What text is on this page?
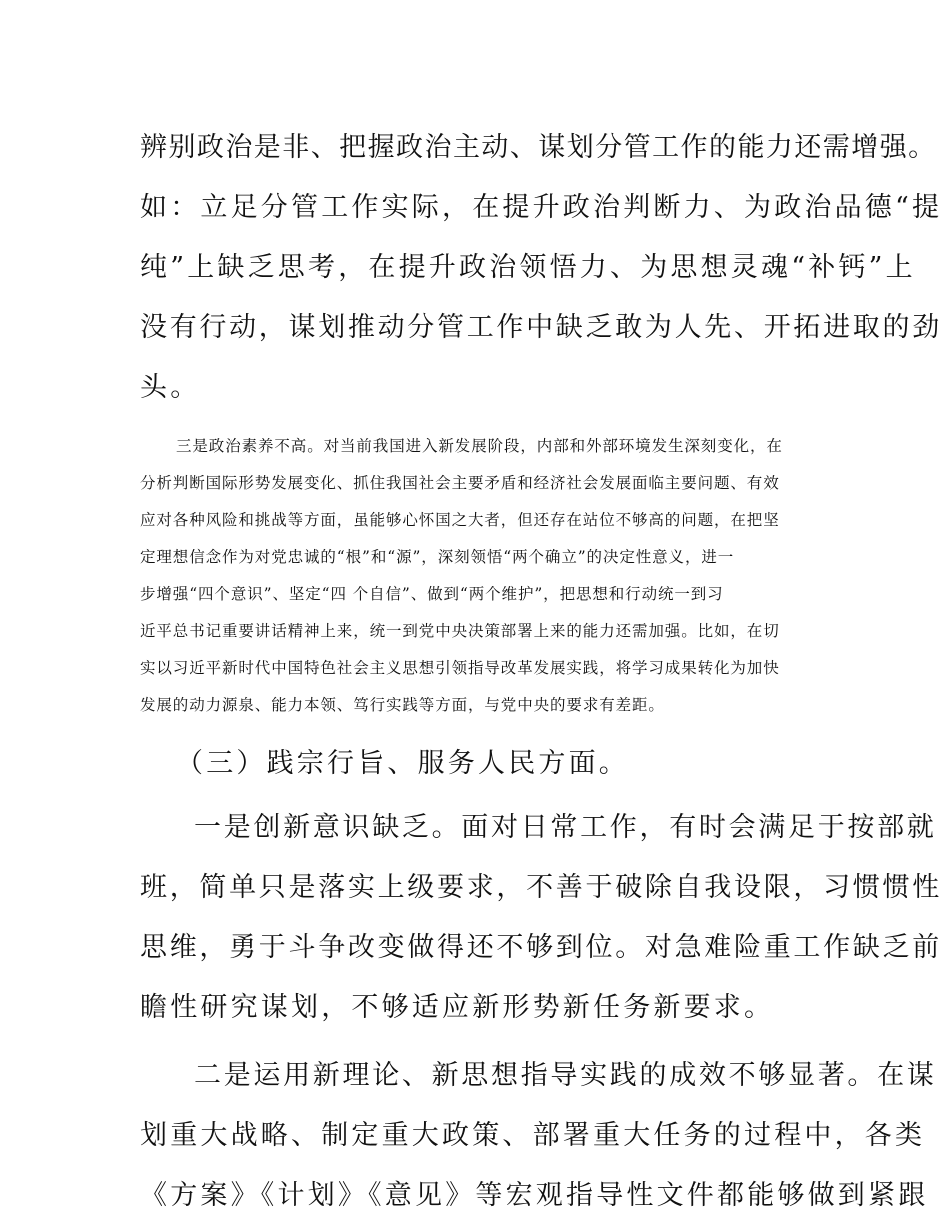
辨别政治是非、把握政治主动、谋划分管工作的能力还需增强。

如：立足分管工作实际，在提升政治判断力、为政治品德“提

纯”上缺乏思考，在提升政治领悟力、为思想灵魂“补钙”上

没有行动，谋划推动分管工作中缺乏敢为人先、开拓进取的劲

头。

三是政治素养不高。对当前我国进入新发展阶段，内部和外部环境发生深刻变化，在

分析判断国际形势发展变化、抓住我国社会主要矛盾和经济社会发展面临主要问题、有效

应对各种风险和挑战等方面，虽能够心怀国之大者，但还存在站位不够高的问题，在把坚

定理想信念作为对党忠诚的“根”和“源”，深刻领悟“两个确立”的决定性意义，进一

步增强“四个意识”、坚定“四 个自信”、做到“两个维护”，把思想和行动统一到习

近平总书记重要讲话精神上来，统一到党中央决策部署上来的能力还需加强。比如，在切

实以习近平新时代中国特色社会主义思想引领指导改革发展实践，将学习成果转化为加快

发展的动力源泉、能力本领、笃行实践等方面，与党中央的要求有差距。

（三）践宗行旨、服务人民方面。

一是创新意识缺乏。面对日常工作，有时会满足于按部就

班，简单只是落实上级要求，不善于破除自我设限，习惯惯性

思维，勇于斗争改变做得还不够到位。对急难险重工作缺乏前

瞻性研究谋划，不够适应新形势新任务新要求。

二是运用新理论、新思想指导实践的成效不够显著。在谋

划重大战略、制定重大政策、部署重大任务的过程中，各类

《方案》《计划》《意见》等宏观指导性文件都能够做到紧跟
